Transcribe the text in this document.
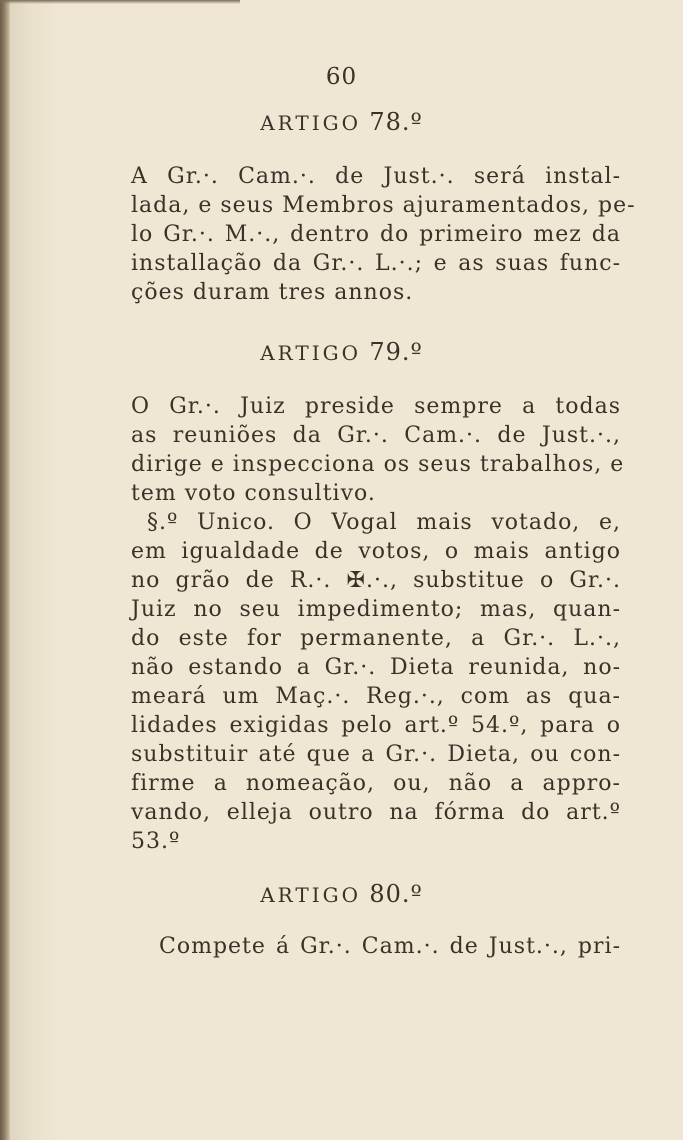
60
ARTIGO 78.º
A Gr.·. Cam.·. de Just.·. será instal-
lada, e seus Membros ajuramentados, pe-
lo Gr.·. M.·., dentro do primeiro mez da
installação da Gr.·. L.·.; e as suas func-
ções duram tres annos.
ARTIGO 79.º
O Gr.·. Juiz preside sempre a todas
as reuniões da Gr.·. Cam.·. de Just.·.,
dirige e inspecciona os seus trabalhos, e
tem voto consultivo.
§.º Unico. O Vogal mais votado, e,
em igualdade de votos, o mais antigo
no grão de R.·. ✠.·., substitue o Gr.·.
Juiz no seu impedimento; mas, quan-
do este for permanente, a Gr.·. L.·.,
não estando a Gr.·. Dieta reunida, no-
meará um Maç.·. Reg.·., com as qua-
lidades exigidas pelo art.º 54.º, para o
substituir até que a Gr.·. Dieta, ou con-
firme a nomeação, ou, não a appro-
vando, elleja outro na fórma do art.º
53.º
ARTIGO 80.º
Compete á Gr.·. Cam.·. de Just.·., pri-
